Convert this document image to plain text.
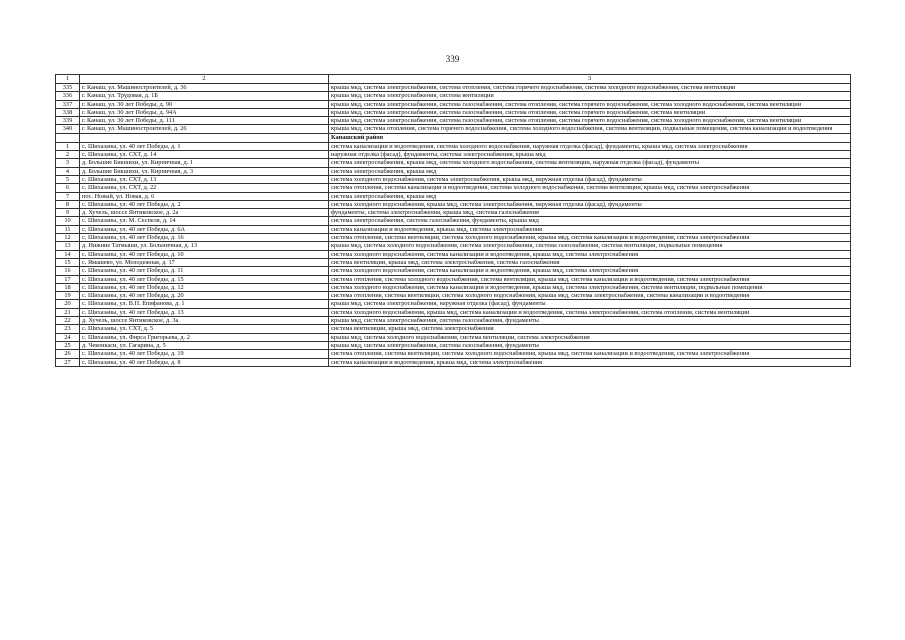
339
1	2	3
335	г. Канаш, ул. Машиностроителей, д. 36	крыша мкд, система электроснабжения, система отопления, система горячего водоснабжения, система холодного водоснабжения, система вентиляции
336	г. Канаш, ул. Трудовая, д. 1Б	крыша мкд, система электроснабжения, система вентиляции
337	г. Канаш, ул. 30 лет Победы, д. 90	крыша мкд, система электроснабжения, система газоснабжения, система отопления, система горячего водоснабжения, система холодного водоснабжения, система вентиляции
338	г. Канаш, ул. 30 лет Победы, д. 94А	крыша мкд, система электроснабжения, система газоснабжения, система отопления, система горячего водоснабжения, система вентиляции
339	г. Канаш, ул. 30 лет Победы, д. 111	крыша мкд, система электроснабжения, система газоснабжения, система отопления, система горячего водоснабжения, система холодного водоснабжения, система вентиляции
340	г. Канаш, ул. Машиностроителей, д. 26	крыша мкд, система отопления, система горячего водоснабжения, система холодного водоснабжения, система вентиляции, подвальные помещения, система канализации и водоотведения
		Канашский район
1	с. Шихазаны, ул. 40 лет Победы, д. 1	система канализации и водоотведения, система холодного водоснабжения, наружная отделка (фасад), фундаменты, крыша мкд, система электроснабжения
2	с. Шихазаны, ул. СХТ, д. 14	наружная отделка (фасад), фундаменты, система электроснабжения, крыша мкд
3	д. Большие Бикшихи, ул. Кирпичная, д. 1	система электроснабжения, крыша мкд, система холодного водоснабжения, система вентиляции, наружная отделка (фасад), фундаменты
4	д. Большие Бикшихи, ул. Кирпичная, д. 3	система электроснабжения, крыша мкд
5	с. Шихазаны, ул. СХТ, д. 13	система холодного водоснабжения, система электроснабжения, крыша мкд, наружная отделка (фасад), фундаменты
6	с. Шихазаны, ул. СХТ, д. 22	система отопления, система канализации и водоотведения, система холодного водоснабжения, система вентиляции, крыша мкд, система электроснабжения
7	пос. Новый, ул. Новая, д. 6	система электроснабжения, крыша мкд
8	с. Шихазаны, ул. 40 лет Победы, д. 2	система холодного водоснабжения, крыша мкд, система электроснабжения, наружная отделка (фасад), фундаменты
9	д. Хучель, шоссе Янтиковское, д. 2а	фундаменты, система электроснабжения, крыша мкд, система газоснабжения
10	с. Шихазаны, ул. М. Сеспеля, д. 14	система электроснабжения, система газоснабжения, фундаменты, крыша мкд
11	с. Шихазаны, ул. 40 лет Победы, д. 6А	система канализации и водоотведения, крыша мкд, система электроснабжения
12	с. Шихазаны, ул. 40 лет Победы, д. 16	система отопления, система вентиляции, система холодного водоснабжения, крыша мкд, система канализации и водоотведения, система электроснабжения
13	д. Нижние Татмыши, ул. Больничная, д. 13	крыша мкд, система холодного водоснабжения, система электроснабжения, система газоснабжения, система вентиляции, подвальные помещения
14	с. Шихазаны, ул. 40 лет Победы, д. 10	система холодного водоснабжения, система канализации и водоотведения, крыша мкд, система электроснабжения
15	с. Ямашево, ул. Молодежная, д. 17	система вентиляции, крыша мкд, система электроснабжения, система газоснабжения
16	с. Шихазаны, ул. 40 лет Победы, д. 11	система холодного водоснабжения, система канализации и водоотведения, крыша мкд, система электроснабжения
17	с. Шихазаны, ул. 40 лет Победы, д. 15	система отопления, система холодного водоснабжения, система вентиляции, крыша мкд, система канализации и водоотведения, система электроснабжения
18	с. Шихазаны, ул. 40 лет Победы, д. 12	система холодного водоснабжения, система канализации и водоотведения, крыша мкд, система электроснабжения, система вентиляции, подвальные помещения
19	с. Шихазаны, ул. 40 лет Победы, д. 20	система отопления, система вентиляции, система холодного водоснабжения, крыша мкд, система электроснабжения, система канализации и водоотведения
20	с. Шихазаны, ул. В.П. Епифанова, д. 1	крыша мкд, система электроснабжения, наружная отделка (фасад), фундаменты
21	с. Шихазаны, ул. 40 лет Победы, д. 13	система холодного водоснабжения, крыша мкд, система канализации и водоотведения, система электроснабжения, система отопления, система вентиляции
22	д. Хучель, шоссе Янтиковское, д. 3а	крыша мкд, система электроснабжения, система газоснабжения, фундаменты
23	с. Шихазаны, ул. СХТ, д. 5	система вентиляции, крыша мкд, система электроснабжения
24	с. Шихазаны, ул. Фирса Григорьева, д. 2	крыша мкд, система холодного водоснабжения, система вентиляции, система электроснабжения
25	д. Чеконкаси, ул. Гагарина, д. 5	крыша мкд, система электроснабжения, система газоснабжения, фундаменты
26	с. Шихазаны, ул. 40 лет Победы, д. 19	система отопления, система вентиляции, система холодного водоснабжения, крыша мкд, система канализации и водоотведения, система электроснабжения
27	с. Шихазаны, ул. 40 лет Победы, д. 8	система канализации и водоотведения, крыша мкд, система электроснабжения
